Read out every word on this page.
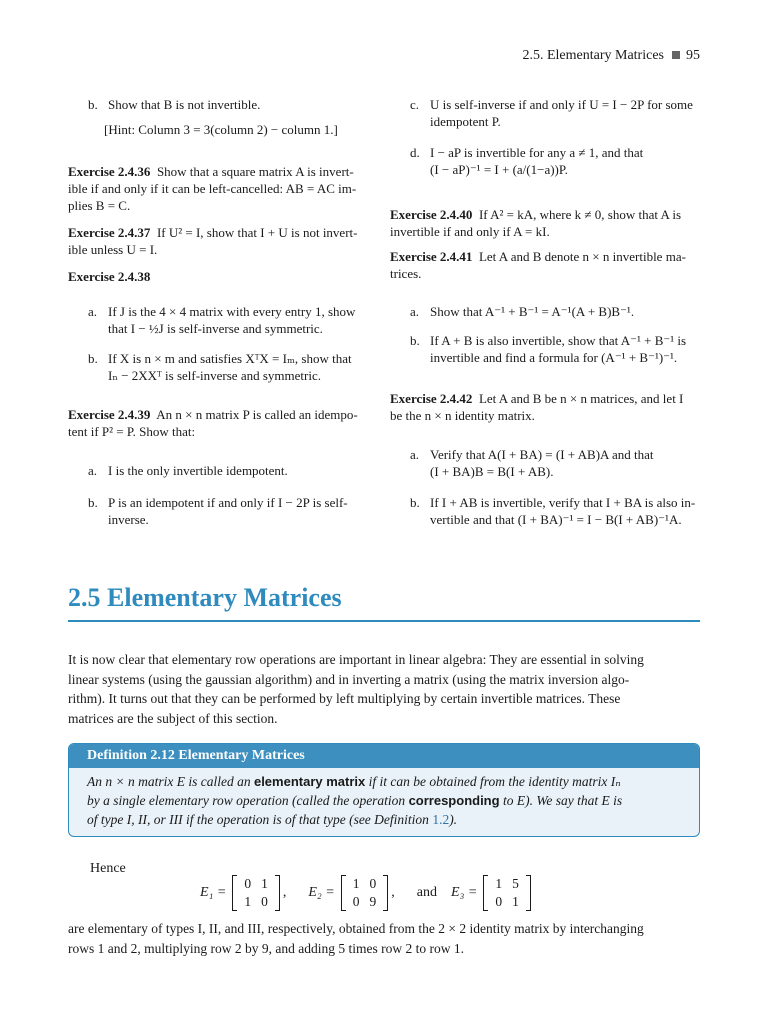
2.5. Elementary Matrices 95
b. Show that B is not invertible.
[Hint: Column 3 = 3(column 2) − column 1.]
Exercise 2.4.36 Show that a square matrix A is invert-
ible if and only if it can be left-cancelled: AB = AC im-
plies B = C.
Exercise 2.4.37 If U² = I, show that I + U is not invert-
ible unless U = I.
Exercise 2.4.38
a. If J is the 4 × 4 matrix with every entry 1, show
that I − ½J is self-inverse and symmetric.
b. If X is n × m and satisfies XᵀX = Iₘ, show that
Iₙ − 2XXᵀ is self-inverse and symmetric.
Exercise 2.4.39 An n × n matrix P is called an idempo-
tent if P² = P. Show that:
a. I is the only invertible idempotent.
b. P is an idempotent if and only if I − 2P is self-
inverse.
c. U is self-inverse if and only if U = I − 2P for some
idempotent P.
d. I − aP is invertible for any a ≠ 1, and that
(I − aP)⁻¹ = I + (a/(1−a))P.
Exercise 2.4.40 If A² = kA, where k ≠ 0, show that A is
invertible if and only if A = kI.
Exercise 2.4.41 Let A and B denote n × n invertible ma-
trices.
a. Show that A⁻¹ + B⁻¹ = A⁻¹(A + B)B⁻¹.
b. If A + B is also invertible, show that A⁻¹ + B⁻¹ is
invertible and find a formula for (A⁻¹ + B⁻¹)⁻¹.
Exercise 2.4.42 Let A and B be n × n matrices, and let I
be the n × n identity matrix.
a. Verify that A(I + BA) = (I + AB)A and that
(I + BA)B = B(I + AB).
b. If I + AB is invertible, verify that I + BA is also in-
vertible and that (I + BA)⁻¹ = I − B(I + AB)⁻¹A.
2.5 Elementary Matrices
It is now clear that elementary row operations are important in linear algebra: They are essential in solving
linear systems (using the gaussian algorithm) and in inverting a matrix (using the matrix inversion algo-
rithm). It turns out that they can be performed by left multiplying by certain invertible matrices. These
matrices are the subject of this section.
Definition 2.12 Elementary Matrices
An n × n matrix E is called an elementary matrix if it can be obtained from the identity matrix Iₙ
by a single elementary row operation (called the operation corresponding to E). We say that E is
of type I, II, or III if the operation is of that type (see Definition 1.2).
Hence
E₁ =
0	1
1	0
, E₂ =
1	0
0	9
, and E₃ =
1	5
0	1
are elementary of types I, II, and III, respectively, obtained from the 2 × 2 identity matrix by interchanging
rows 1 and 2, multiplying row 2 by 9, and adding 5 times row 2 to row 1.
